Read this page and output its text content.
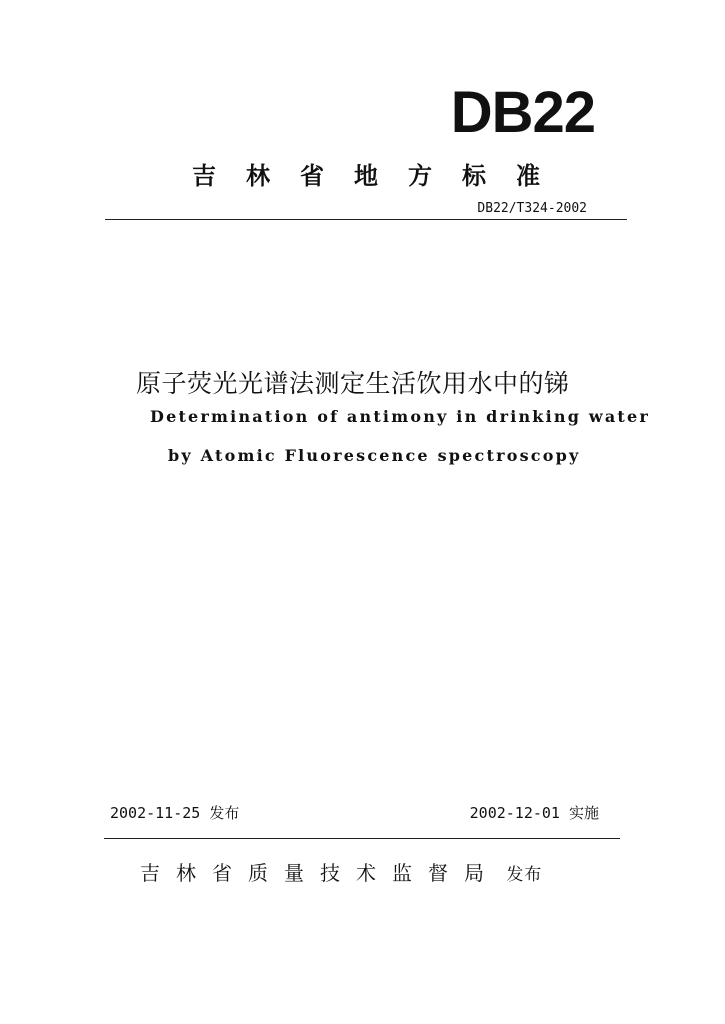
DB22
吉林省地方标准
DB22/T324-2002
原子荧光光谱法测定生活饮用水中的锑
Determination of antimony in drinking water
by Atomic Fluorescence spectroscopy
2002-11-25 发布	2002-12-01 实施
吉林省质量技术监督局 发布
